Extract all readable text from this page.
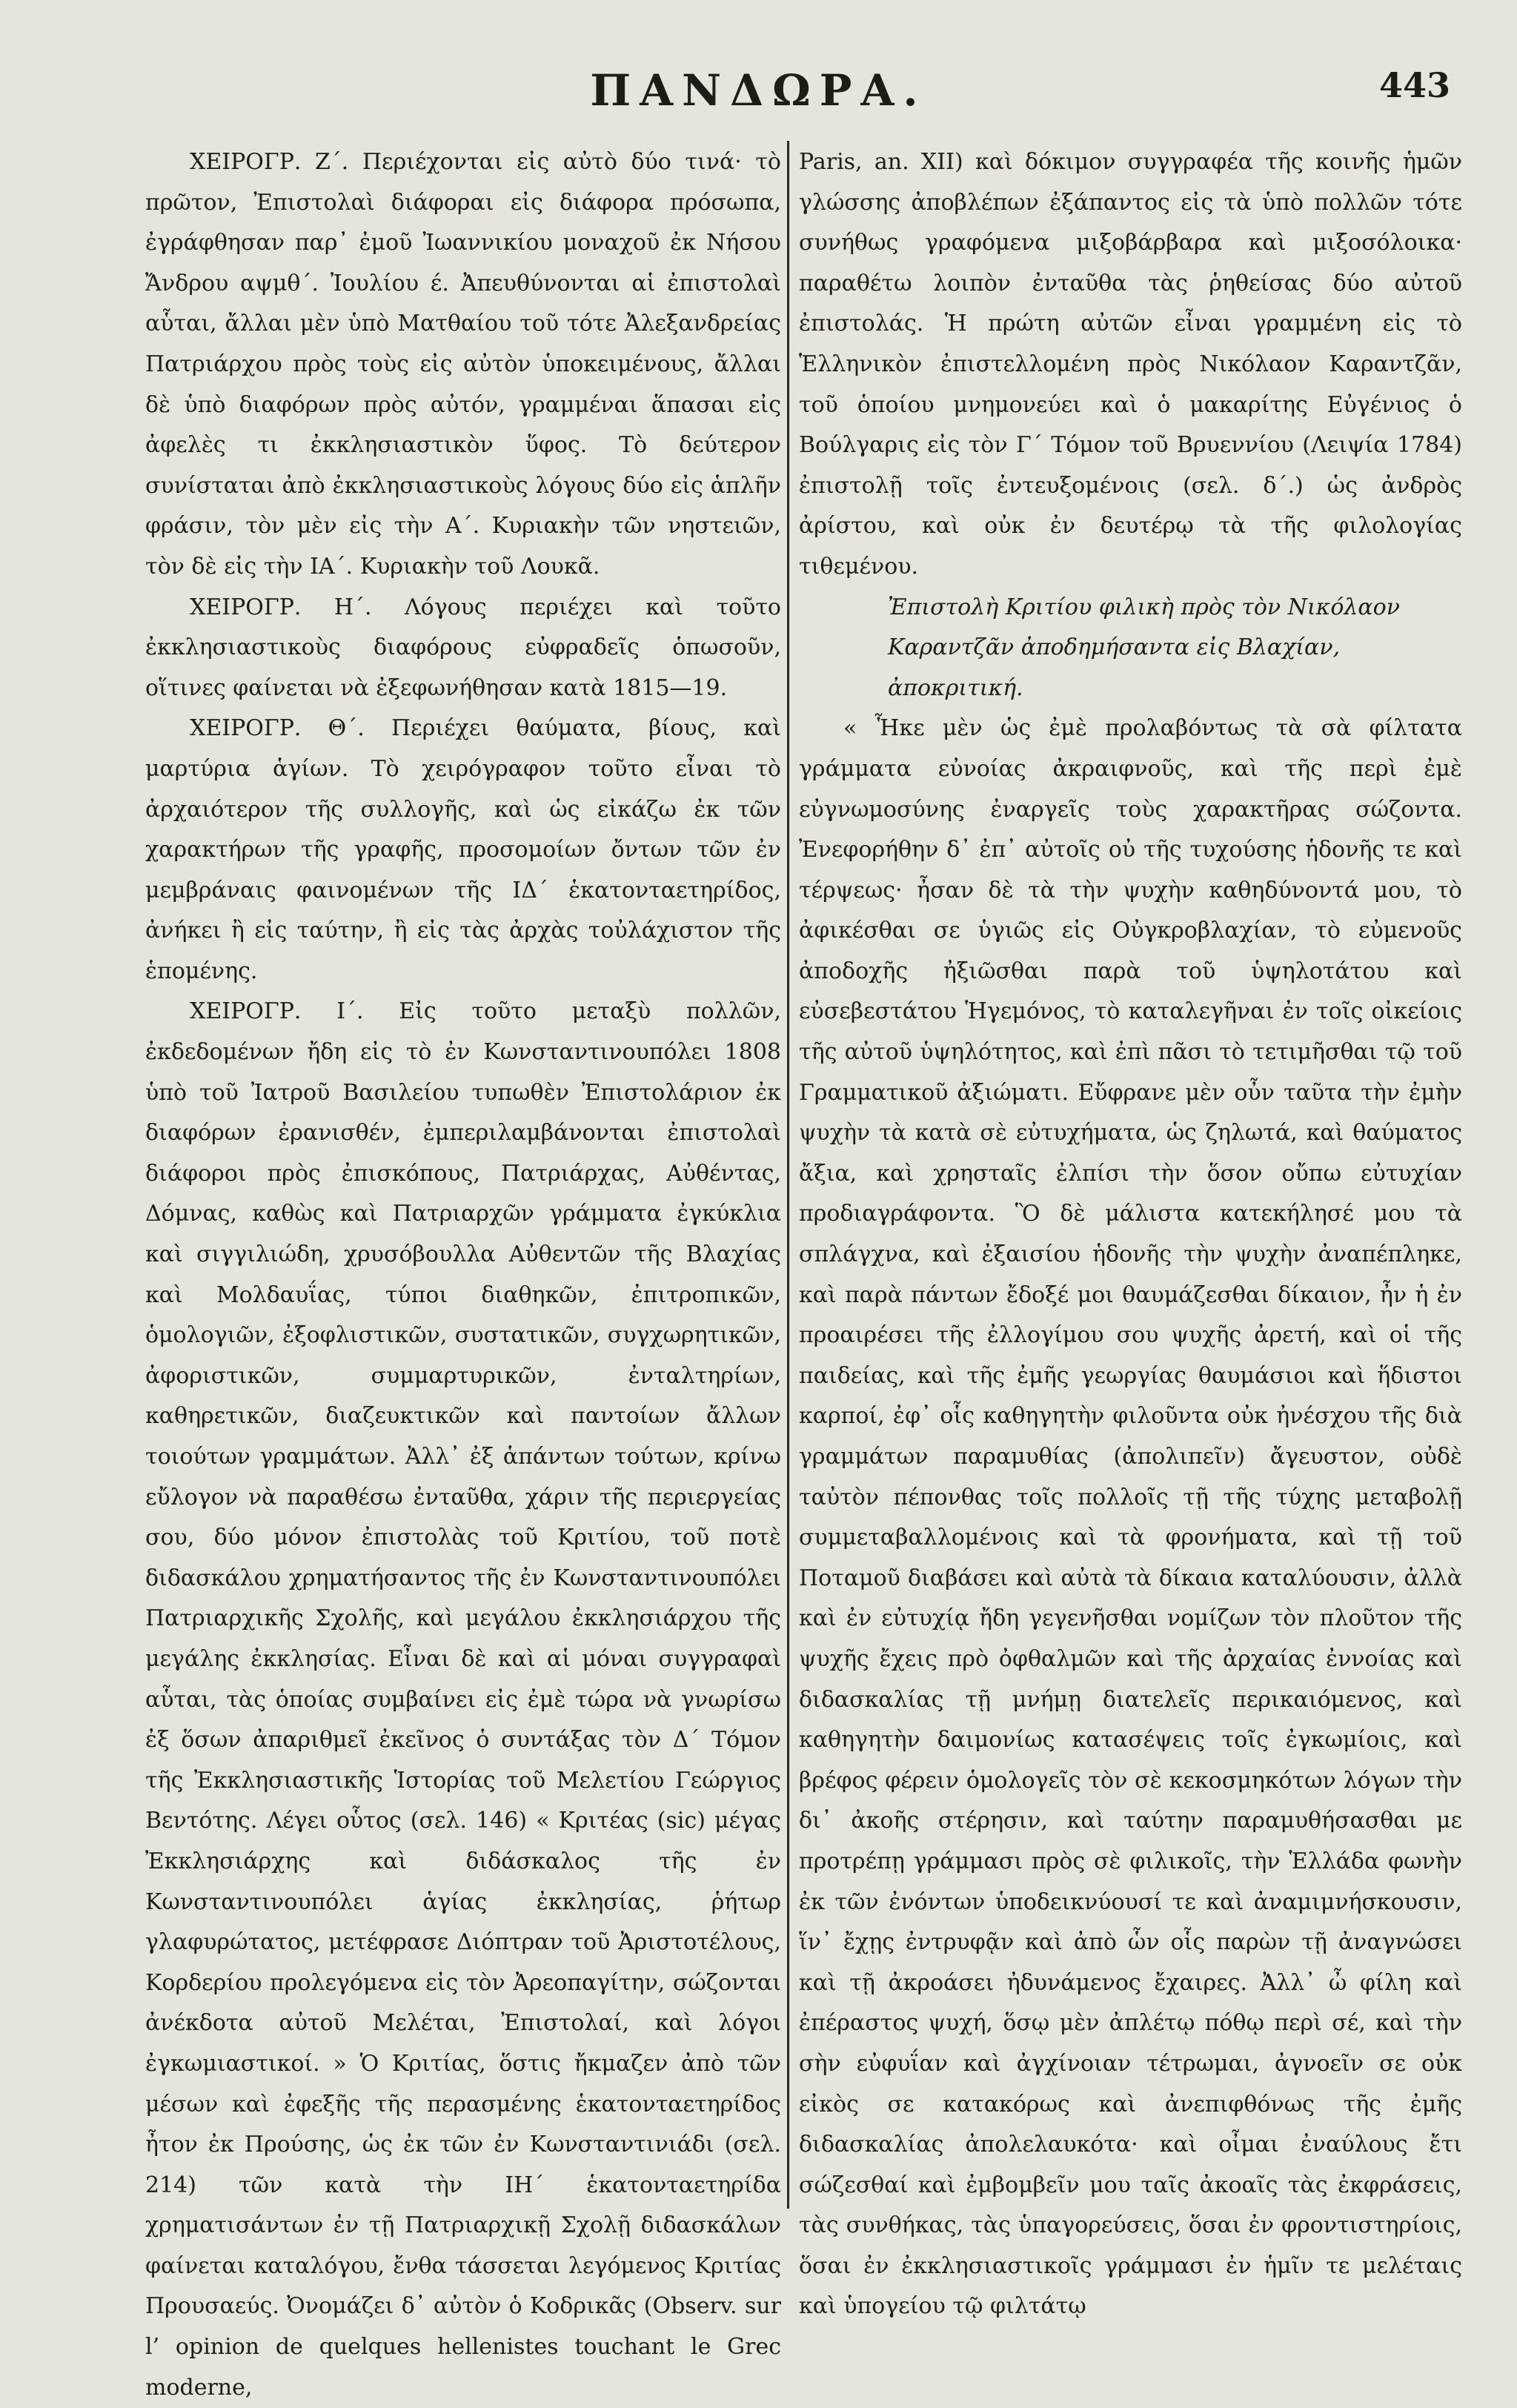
ΠΑΝΔΩΡΑ.	443

ΧΕΙΡΟΓΡ. Ζ΄. Περιέχονται εἰς αὐτὸ δύο τινά· τὸ πρῶτον, Ἐπιστολαὶ διάφοραι εἰς διάφορα πρόσωπα, ἐγράφθησαν παρ᾽ ἐμοῦ Ἰωαννικίου μοναχοῦ ἐκ Νήσου Ἄνδρου αψμθ΄. Ἰουλίου έ. Ἀπευθύνονται αἱ ἐπιστολαὶ αὗται, ἄλλαι μὲν ὑπὸ Ματθαίου τοῦ τότε Ἀλεξανδρείας Πατριάρχου πρὸς τοὺς εἰς αὐτὸν ὑποκειμένους, ἄλλαι δὲ ὑπὸ διαφόρων πρὸς αὐτόν, γραμμέναι ἅπασαι εἰς ἀφελὲς τι ἐκκλησιαστικὸν ὕφος. Τὸ δεύτερον συνίσταται ἀπὸ ἐκκλησιαστικοὺς λόγους δύο εἰς ἁπλῆν φράσιν, τὸν μὲν εἰς τὴν Α΄. Κυριακὴν τῶν νηστειῶν, τὸν δὲ εἰς τὴν ΙΑ΄. Κυριακὴν τοῦ Λουκᾶ.

ΧΕΙΡΟΓΡ. Η΄. Λόγους περιέχει καὶ τοῦτο ἐκκλησιαστικοὺς διαφόρους εὐφραδεῖς ὁπωσοῦν, οἵτινες φαίνεται νὰ ἐξεφωνήθησαν κατὰ 1815—19.

ΧΕΙΡΟΓΡ. Θ΄. Περιέχει θαύματα, βίους, καὶ μαρτύρια ἁγίων. Τὸ χειρόγραφον τοῦτο εἶναι τὸ ἀρχαιότερον τῆς συλλογῆς, καὶ ὡς εἰκάζω ἐκ τῶν χαρακτήρων τῆς γραφῆς, προσομοίων ὄντων τῶν ἐν μεμβράναις φαινομένων τῆς ΙΔ΄ ἑκατονταετηρίδος, ἀνήκει ἢ εἰς ταύτην, ἢ εἰς τὰς ἀρχὰς τοὐλάχιστον τῆς ἑπομένης.

ΧΕΙΡΟΓΡ. Ι΄. Εἰς τοῦτο μεταξὺ πολλῶν, ἐκδεδομένων ἤδη εἰς τὸ ἐν Κωνσταντινουπόλει 1808 ὑπὸ τοῦ Ἰατροῦ Βασιλείου τυπωθὲν Ἐπιστολάριον ἐκ διαφόρων ἐρανισθέν, ἐμπεριλαμβάνονται ἐπιστολαὶ διάφοροι πρὸς ἐπισκόπους, Πατριάρχας, Αὐθέντας, Δόμνας, καθὼς καὶ Πατριαρχῶν γράμματα ἐγκύκλια καὶ σιγγιλιώδη, χρυσόβουλλα Αὐθεντῶν τῆς Βλαχίας καὶ Μολδαυΐας, τύποι διαθηκῶν, ἐπιτροπικῶν, ὁμολογιῶν, ἐξοφλιστικῶν, συστατικῶν, συγχωρητικῶν, ἀφοριστικῶν, συμμαρτυρικῶν, ἐνταλτηρίων, καθηρετικῶν, διαζευκτικῶν καὶ παντοίων ἄλλων τοιούτων γραμμάτων. Ἀλλ᾽ ἐξ ἁπάντων τούτων, κρίνω εὔλογον νὰ παραθέσω ἐνταῦθα, χάριν τῆς περιεργείας σου, δύο μόνον ἐπιστολὰς τοῦ Κριτίου, τοῦ ποτὲ διδασκάλου χρηματήσαντος τῆς ἐν Κωνσταντινουπόλει Πατριαρχικῆς Σχολῆς, καὶ μεγάλου ἐκκλησιάρχου τῆς μεγάλης ἐκκλησίας. Εἶναι δὲ καὶ αἱ μόναι συγγραφαὶ αὗται, τὰς ὁποίας συμβαίνει εἰς ἐμὲ τώρα νὰ γνωρίσω ἐξ ὅσων ἀπαριθμεῖ ἐκεῖνος ὁ συντάξας τὸν Δ΄ Τόμον τῆς Ἐκκλησιαστικῆς Ἱστορίας τοῦ Μελετίου Γεώργιος Βεντότης. Λέγει οὗτος (σελ. 146) « Κριτέας (sic) μέγας Ἐκκλησιάρχης καὶ διδάσκαλος τῆς ἐν Κωνσταντινουπόλει ἁγίας ἐκκλησίας, ῥήτωρ γλαφυρώτατος, μετέφρασε Διόπτραν τοῦ Ἀριστοτέλους, Κορδερίου προλεγόμενα εἰς τὸν Ἀρεοπαγίτην, σώζονται ἀνέκδοτα αὐτοῦ Μελέται, Ἐπιστολαί, καὶ λόγοι ἐγκωμιαστικοί. » Ὁ Κριτίας, ὅστις ἤκμαζεν ἀπὸ τῶν μέσων καὶ ἐφεξῆς τῆς περασμένης ἑκατονταετηρίδος ἦτον ἐκ Προύσης, ὡς ἐκ τῶν ἐν Κωνσταντινιάδι (σελ. 214) τῶν κατὰ τὴν ΙΗ΄ ἑκατονταετηρίδα χρηματισάντων ἐν τῇ Πατριαρχικῇ Σχολῇ διδασκάλων φαίνεται καταλόγου, ἔνθα τάσσεται λεγόμενος Κριτίας Προυσαεύς. Ὀνομάζει δ᾽ αὐτὸν ὁ Κοδρικᾶς (Observ. sur l’ opinion de quelques hellenistes touchant le Grec moderne,

Paris, an. XII) καὶ δόκιμον συγγραφέα τῆς κοινῆς ἡμῶν γλώσσης ἀποβλέπων ἐξάπαντος εἰς τὰ ὑπὸ πολλῶν τότε συνήθως γραφόμενα μιξοβάρβαρα καὶ μιξοσόλοικα· παραθέτω λοιπὸν ἐνταῦθα τὰς ῥηθείσας δύο αὐτοῦ ἐπιστολάς. Ἡ πρώτη αὐτῶν εἶναι γραμμένη εἰς τὸ Ἑλληνικὸν ἐπιστελλομένη πρὸς Νικόλαον Καραντζᾶν, τοῦ ὁποίου μνημονεύει καὶ ὁ μακαρίτης Εὐγένιος ὁ Βούλγαρις εἰς τὸν Γ΄ Τόμον τοῦ Βρυεννίου (Λειψία 1784) ἐπιστολῇ τοῖς ἐντευξομένοις (σελ. δ΄.) ὡς ἀνδρὸς ἀρίστου, καὶ οὐκ ἐν δευτέρῳ τὰ τῆς φιλολογίας τιθεμένου.

Ἐπιστολὴ Κριτίου φιλικὴ πρὸς τὸν Νικόλαον Καραντζᾶν ἀποδημήσαντα εἰς Βλαχίαν, ἀποκριτική.

« Ἧκε μὲν ὡς ἐμὲ προλαβόντως τὰ σὰ φίλτατα γράμματα εὐνοίας ἀκραιφνοῦς, καὶ τῆς περὶ ἐμὲ εὐγνωμοσύνης ἐναργεῖς τοὺς χαρακτῆρας σώζοντα. Ἐνεφορήθην δ᾽ ἐπ᾽ αὐτοῖς οὐ τῆς τυχούσης ἡδονῆς τε καὶ τέρψεως· ἦσαν δὲ τὰ τὴν ψυχὴν καθηδύνοντά μου, τὸ ἀφικέσθαι σε ὑγιῶς εἰς Οὐγκροβλαχίαν, τὸ εὐμενοῦς ἀποδοχῆς ἠξιῶσθαι παρὰ τοῦ ὑψηλοτάτου καὶ εὐσεβεστάτου Ἡγεμόνος, τὸ καταλεγῆναι ἐν τοῖς οἰκείοις τῆς αὐτοῦ ὑψηλότητος, καὶ ἐπὶ πᾶσι τὸ τετιμῆσθαι τῷ τοῦ Γραμματικοῦ ἀξιώματι. Εὔφρανε μὲν οὖν ταῦτα τὴν ἐμὴν ψυχὴν τὰ κατὰ σὲ εὐτυχήματα, ὡς ζηλωτά, καὶ θαύματος ἄξια, καὶ χρησταῖς ἐλπίσι τὴν ὅσον οὔπω εὐτυχίαν προδιαγράφοντα. Ὃ δὲ μάλιστα κατεκήλησέ μου τὰ σπλάγχνα, καὶ ἐξαισίου ἡδονῆς τὴν ψυχὴν ἀναπέπληκε, καὶ παρὰ πάντων ἔδοξέ μοι θαυμάζεσθαι δίκαιον, ἦν ἡ ἐν προαιρέσει τῆς ἐλλογίμου σου ψυχῆς ἀρετή, καὶ οἱ τῆς παιδείας, καὶ τῆς ἐμῆς γεωργίας θαυμάσιοι καὶ ἥδιστοι καρποί, ἐφ᾽ οἷς καθηγητὴν φιλοῦντα οὐκ ἠνέσχου τῆς διὰ γραμμάτων παραμυθίας (ἀπολιπεῖν) ἄγευστον, οὐδὲ ταὐτὸν πέπονθας τοῖς πολλοῖς τῇ τῆς τύχης μεταβολῇ συμμεταβαλλομένοις καὶ τὰ φρονήματα, καὶ τῇ τοῦ Ποταμοῦ διαβάσει καὶ αὐτὰ τὰ δίκαια καταλύουσιν, ἀλλὰ καὶ ἐν εὐτυχίᾳ ἤδη γεγενῆσθαι νομίζων τὸν πλοῦτον τῆς ψυχῆς ἔχεις πρὸ ὀφθαλμῶν καὶ τῆς ἀρχαίας ἐννοίας καὶ διδασκαλίας τῇ μνήμῃ διατελεῖς περικαιόμενος, καὶ καθηγητὴν δαιμονίως κατασέψεις τοῖς ἐγκωμίοις, καὶ βρέφος φέρειν ὁμολογεῖς τὸν σὲ κεκοσμηκότων λόγων τὴν δι᾽ ἀκοῆς στέρησιν, καὶ ταύτην παραμυθήσασθαι με προτρέπῃ γράμμασι πρὸς σὲ φιλικοῖς, τὴν Ἑλλάδα φωνὴν ἐκ τῶν ἐνόντων ὑποδεικνύουσί τε καὶ ἀναμιμνήσκουσιν, ἵν᾽ ἔχῃς ἐντρυφᾷν καὶ ἀπὸ ὧν οἷς παρὼν τῇ ἀναγνώσει καὶ τῇ ἀκροάσει ἠδυνάμενος ἔχαιρες. Ἀλλ᾽ ὦ φίλη καὶ ἐπέραστος ψυχή, ὅσῳ μὲν ἀπλέτῳ πόθῳ περὶ σέ, καὶ τὴν σὴν εὐφυΐαν καὶ ἀγχίνοιαν τέτρωμαι, ἀγνοεῖν σε οὐκ εἰκὸς σε κατακόρως καὶ ἀνεπιφθόνως τῆς ἐμῆς διδασκαλίας ἀπολελαυκότα· καὶ οἶμαι ἐναύλους ἔτι σώζεσθαί καὶ ἐμβομβεῖν μου ταῖς ἀκοαῖς τὰς ἐκφράσεις, τὰς συνθήκας, τὰς ὑπαγορεύσεις, ὅσαι ἐν φροντιστηρίοις, ὅσαι ἐν ἐκκλησιαστικοῖς γράμμασι ἐν ἡμῖν τε μελέταις καὶ ὑπογείου τῷ φιλτάτῳ
